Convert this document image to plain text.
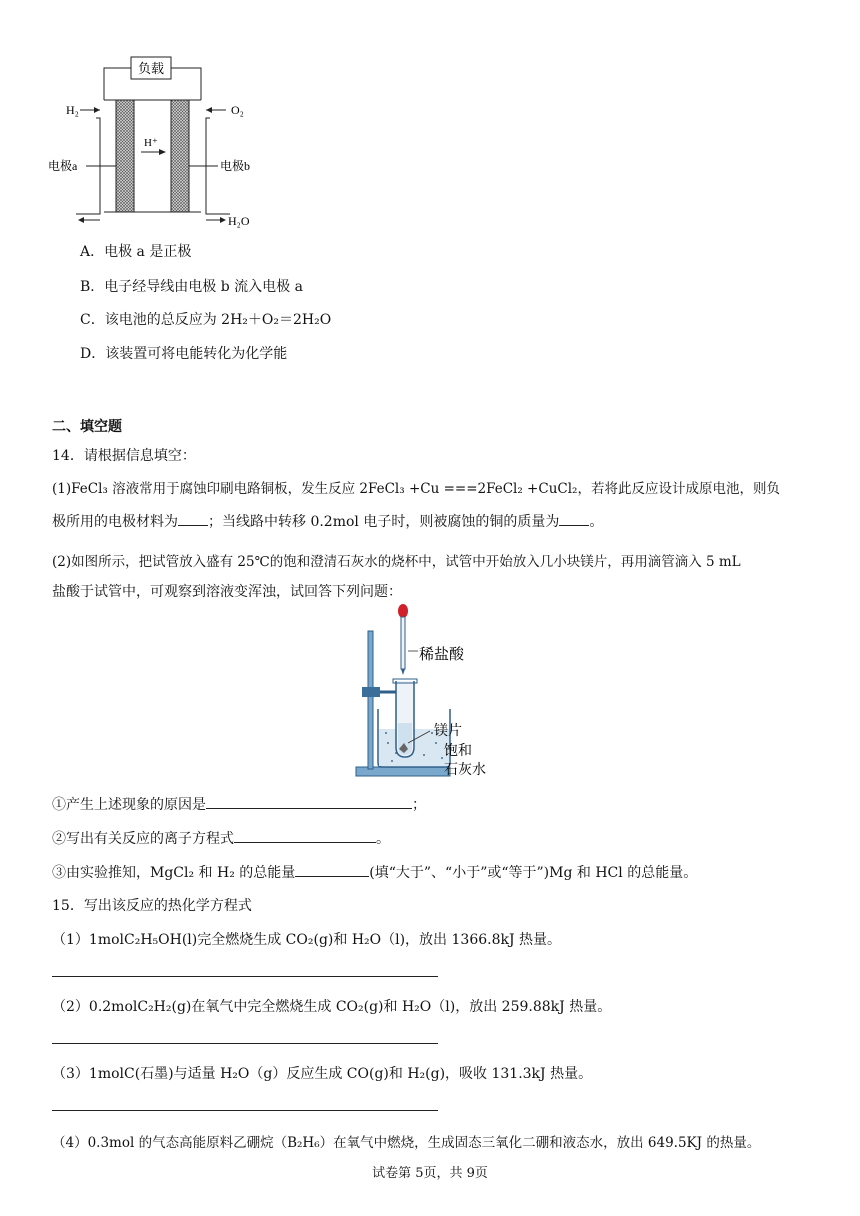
负载
H₂	O₂
H⁺
电极a	电极b
H₂O
A．电极 a 是正极
B．电子经导线由电极 b 流入电极 a
C．该电池的总反应为 2H₂＋O₂＝2H₂O
D．该装置可将电能转化为化学能
二、填空题
14．请根据信息填空：
(1)FeCl₃ 溶液常用于腐蚀印刷电路铜板，发生反应 2FeCl₃ +Cu ===2FeCl₂ +CuCl₂，若将此反应设计成原电池，则负
极所用的电极材料为 ；当线路中转移 0.2mol 电子时，则被腐蚀的铜的质量为 。
(2)如图所示，把试管放入盛有 25℃的饱和澄清石灰水的烧杯中，试管中开始放入几小块镁片，再用滴管滴入 5 mL
盐酸于试管中，可观察到溶液变浑浊，试回答下列问题：
稀盐酸
镁片
饱和
石灰水
①产生上述现象的原因是	；
②写出有关反应的离子方程式	。
③由实验推知，MgCl₂ 和 H₂ 的总能量	(填“大于”、“小于”或“等于”)Mg 和 HCl 的总能量。
15．写出该反应的热化学方程式
（1）1molC₂H₅OH(l)完全燃烧生成 CO₂(g)和 H₂O（l)，放出 1366.8kJ 热量。
（2）0.2molC₂H₂(g)在氧气中完全燃烧生成 CO₂(g)和 H₂O（l)，放出 259.88kJ 热量。
（3）1molC(石墨)与适量 H₂O（g）反应生成 CO(g)和 H₂(g)，吸收 131.3kJ 热量。
（4）0.3mol 的气态高能原料乙硼烷（B₂H₆）在氧气中燃烧，生成固态三氧化二硼和液态水，放出 649.5KJ 的热量。
试卷第 5页，共 9页
